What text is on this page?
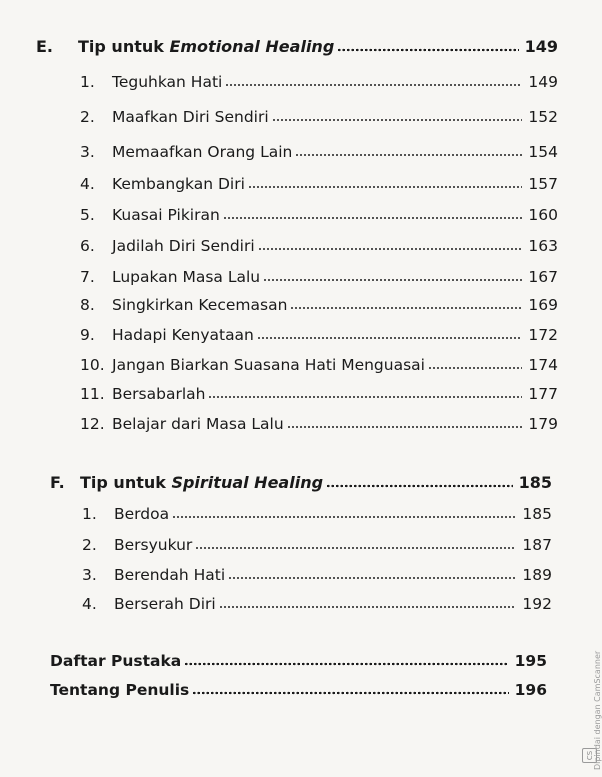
E.	Tip untuk Emotional Healing	149
1.	Teguhkan Hati	149
2.	Maafkan Diri Sendiri	152
3.	Memaafkan Orang Lain	154
4.	Kembangkan Diri	157
5.	Kuasai Pikiran	160
6.	Jadilah Diri Sendiri	163
7.	Lupakan Masa Lalu	167
8.	Singkirkan Kecemasan	169
9.	Hadapi Kenyataan	172
10. Jangan Biarkan Suasana Hati Menguasai	174
11. Bersabarlah	177
12. Belajar dari Masa Lalu	179
F. Tip untuk Spiritual Healing	185
1.	Berdoa	185
2.	Bersyukur	187
3.	Berendah Hati	189
4.	Berserah Diri	192
Daftar Pustaka	195
Tentang Penulis	196	Dipindai dengan CamScanner
CS
